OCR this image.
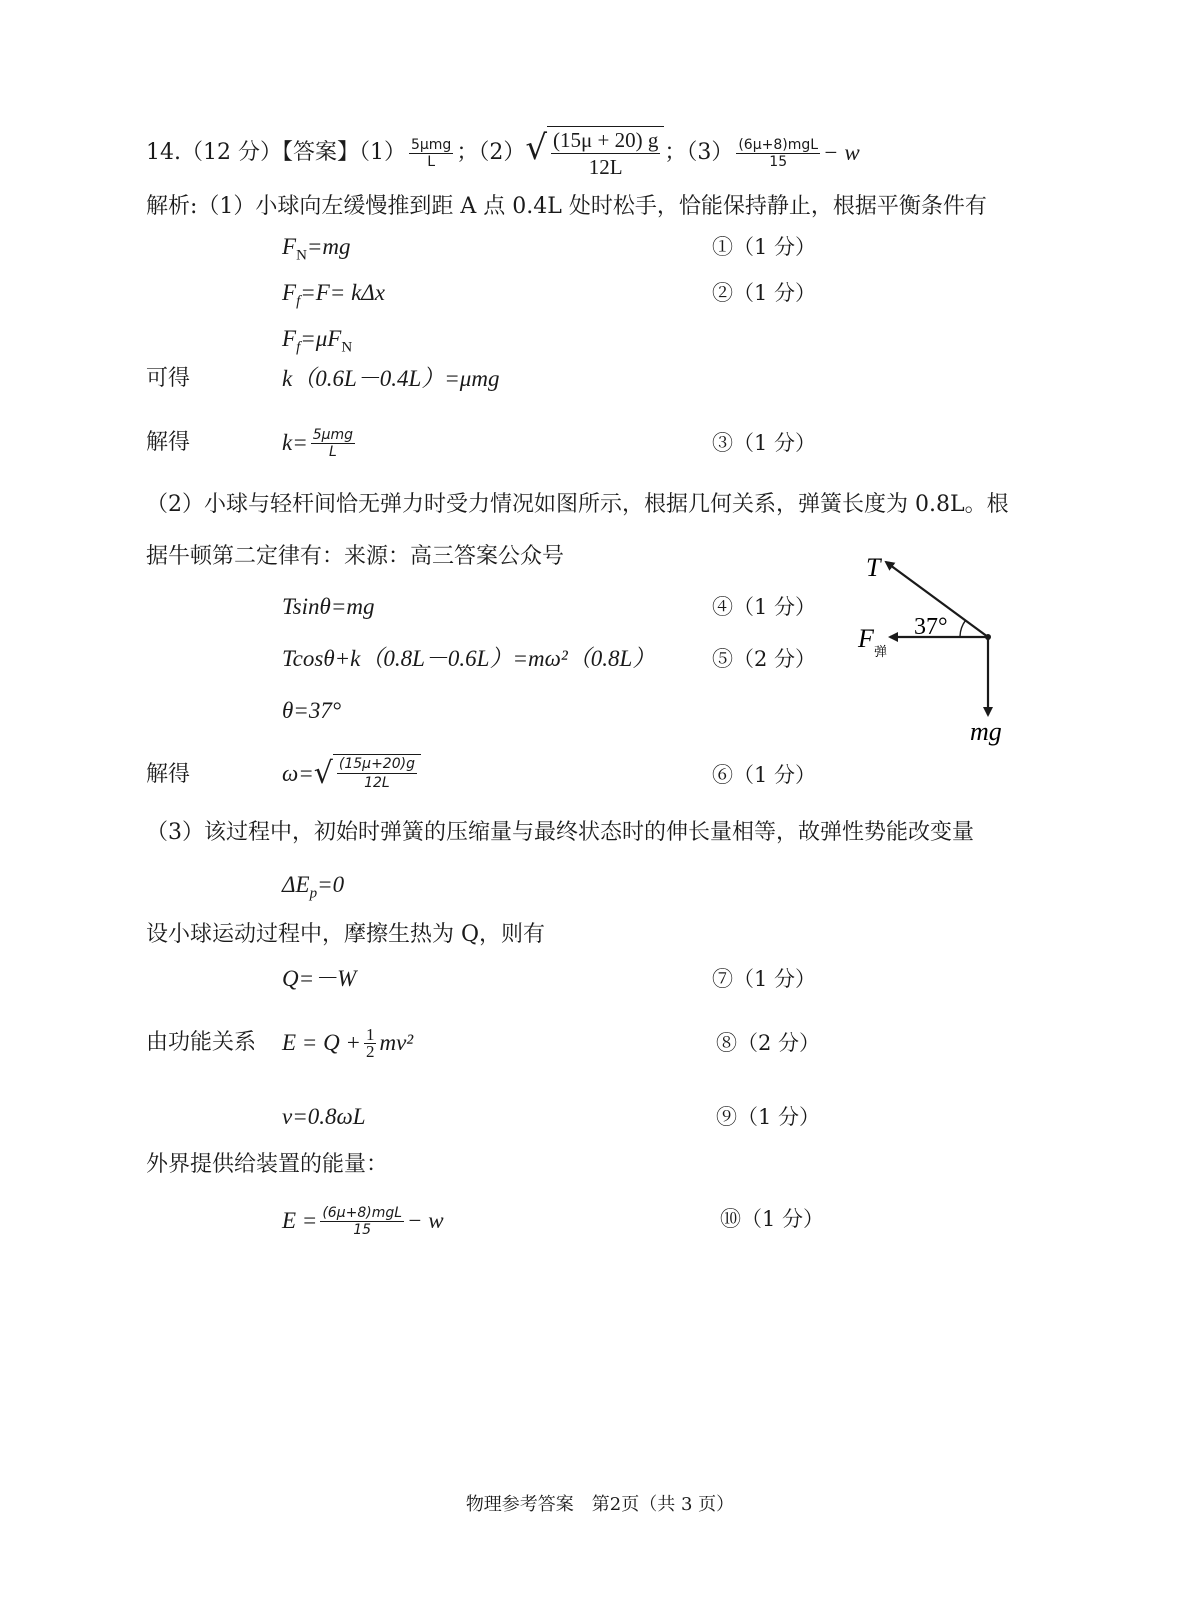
14.（12 分）【答案】$(1) \frac{\text{5μmg}}{L}$ ；（2） √ $\frac{(15\mu + 20) g}{12L}$ ；$(3) \frac{\text{(6μ+8)mgL}}{15} - w$
解析:（1）小球向左缓慢推到距 A 点 0.4L 处时松手，恰能保持静止，根据平衡条件有
$F_N=mg$	①（1 分）
$F_f=F= k\Delta x$	②（1 分）
$F_f=\mu F_N$
可得	k（0.6L－0.4L）=μmg
解得	$k= \frac{\text{5μmg}}{L}$	③（1 分）
（2）小球与轻杆间恰无弹力时受力情况如图所示，根据几何关系，弹簧长度为 0.8L。根
据牛顿第二定律有：来源：高三答案公众号
Tsinθ=mg	④（1 分）
Tcosθ+k（0.8L－0.6L）=mω²（0.8L）	⑤（2 分）
θ=37°
解得	ω= √ $\frac{(15\mu+20)g}{12L}$	⑥（1 分）
T
37°
F 弹
mg
（3）该过程中，初始时弹簧的压缩量与最终状态时的伸长量相等，故弹性势能改变量
$\Delta E_p=0$
设小球运动过程中，摩擦生热为 Q，则有
Q=－W	⑦（1 分）
由功能关系 $E = Q + \frac{1}{2} mv^2$	⑧（2 分）
v=0.8ωL	⑨（1 分）
外界提供给装置的能量：
$E = \frac{\text{(6μ+8)mgL}}{15} - w$	⑩（1 分）
物理参考答案　第2页（共 3 页）
